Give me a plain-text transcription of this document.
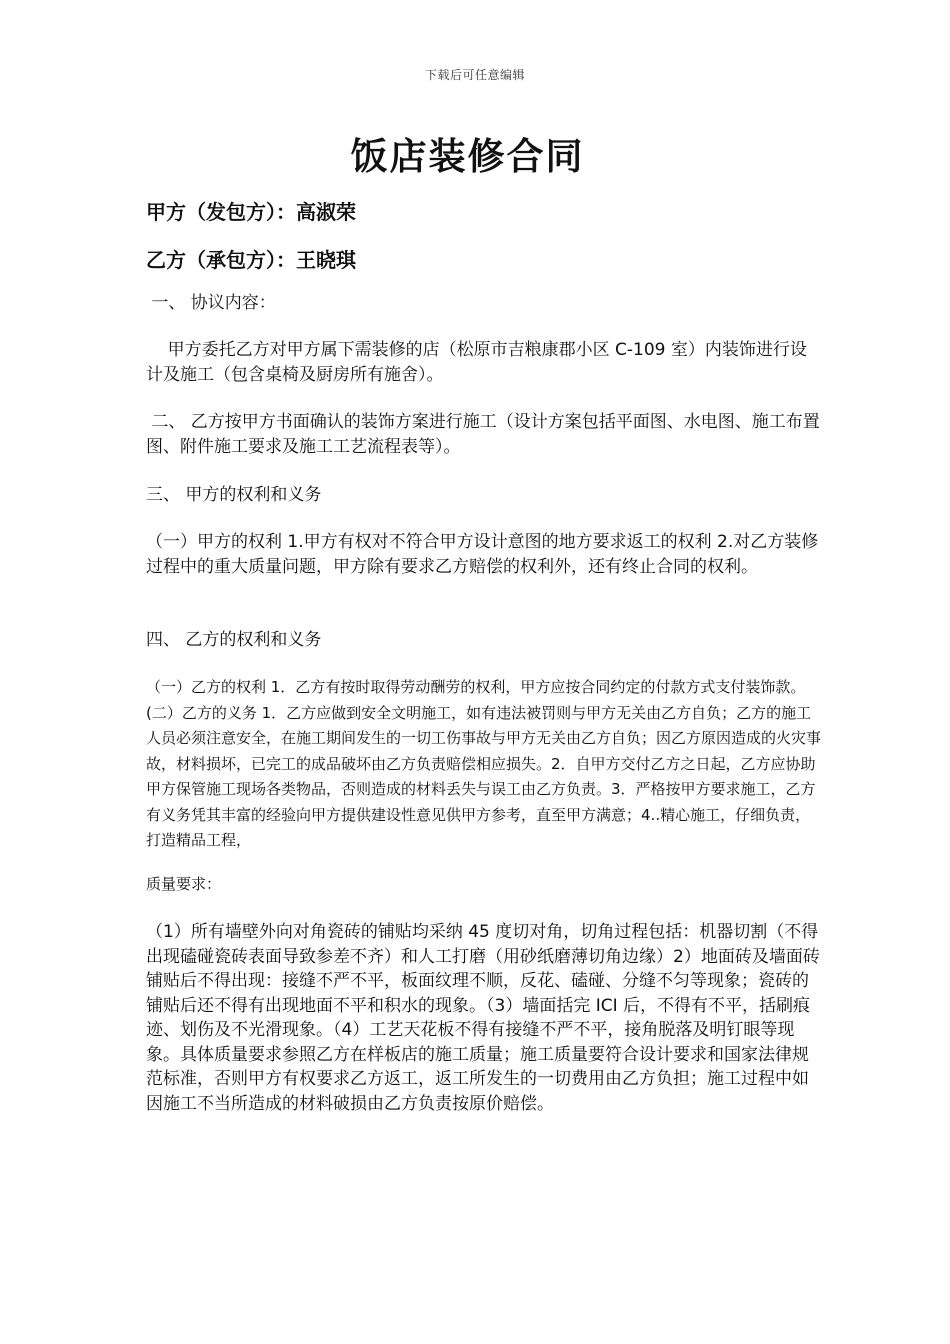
下载后可任意编辑
饭店装修合同
甲方（发包方）：高淑荣
乙方（承包方）：王晓琪

一、 协议内容：

甲方委托乙方对甲方属下需装修的店（松原市吉粮康郡小区 C-109 室）内装饰进行设计及施工（包含桌椅及厨房所有施舍）。

二、 乙方按甲方书面确认的装饰方案进行施工（设计方案包括平面图、水电图、施工布置图、附件施工要求及施工工艺流程表等）。

三、 甲方的权利和义务

（一）甲方的权利 1.甲方有权对不符合甲方设计意图的地方要求返工的权利 2.对乙方装修过程中的重大质量问题，甲方除有要求乙方赔偿的权利外，还有终止合同的权利。

四、 乙方的权利和义务

（一）乙方的权利 1．乙方有按时取得劳动酬劳的权利，甲方应按合同约定的付款方式支付装饰款。(二）乙方的义务 1．乙方应做到安全文明施工，如有违法被罚则与甲方无关由乙方自负；乙方的施工人员必须注意安全，在施工期间发生的一切工伤事故与甲方无关由乙方自负；因乙方原因造成的火灾事故，材料损坏，已完工的成品破坏由乙方负责赔偿相应损失。2．自甲方交付乙方之日起，乙方应协助甲方保管施工现场各类物品，否则造成的材料丢失与误工由乙方负责。3．严格按甲方要求施工，乙方有义务凭其丰富的经验向甲方提供建设性意见供甲方参考，直至甲方满意；4..精心施工，仔细负责，打造精品工程，

质量要求：

（1）所有墙壁外向对角瓷砖的铺贴均采纳 45 度切对角，切角过程包括：机器切割（不得出现磕碰瓷砖表面导致参差不齐）和人工打磨（用砂纸磨薄切角边缘）2）地面砖及墙面砖铺贴后不得出现：接缝不严不平，板面纹理不顺，反花、磕碰、分缝不匀等现象；瓷砖的铺贴后还不得有出现地面不平和积水的现象。（3）墙面括完 ICI 后，不得有不平，括刷痕迹、划伤及不光滑现象。（4）工艺天花板不得有接缝不严不平，接角脱落及明钉眼等现象。具体质量要求参照乙方在样板店的施工质量；施工质量要符合设计要求和国家法律规范标准，否则甲方有权要求乙方返工，返工所发生的一切费用由乙方负担；施工过程中如因施工不当所造成的材料破损由乙方负责按原价赔偿。
